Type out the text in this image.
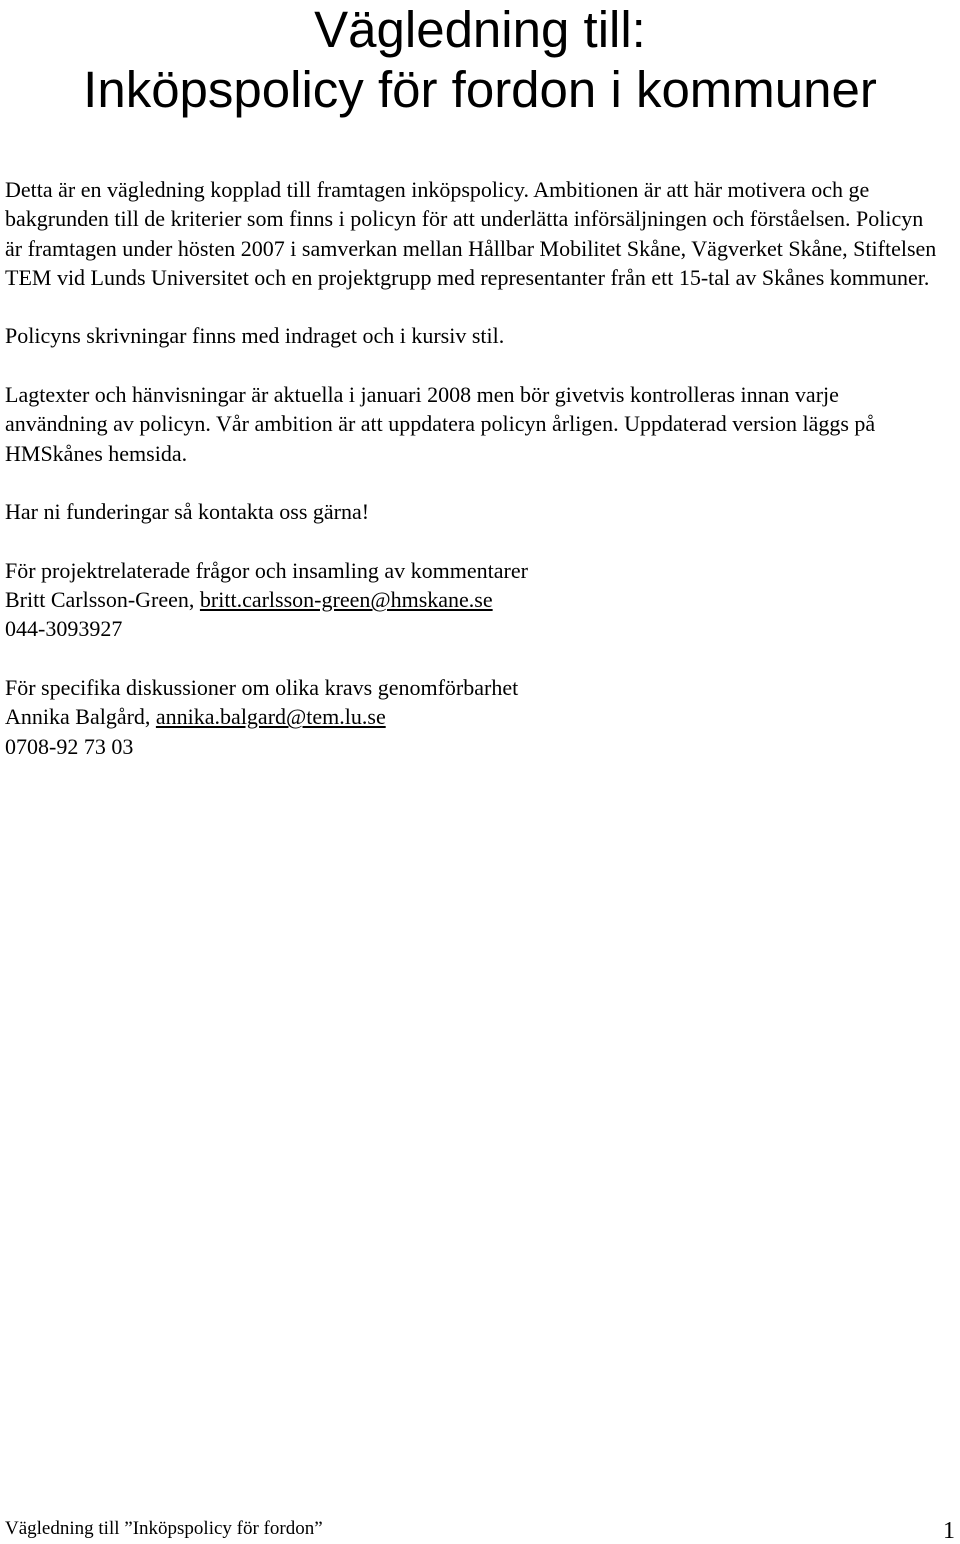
Vägledning till:
Inköpspolicy för fordon i kommuner

Detta är en vägledning kopplad till framtagen inköpspolicy. Ambitionen är att här motivera och ge bakgrunden till de kriterier som finns i policyn för att underlätta införsäljningen och förståelsen. Policyn är framtagen under hösten 2007 i samverkan mellan Hållbar Mobilitet Skåne, Vägverket Skåne, Stiftelsen TEM vid Lunds Universitet och en projektgrupp med representanter från ett 15-tal av Skånes kommuner.

Policyns skrivningar finns med indraget och i kursiv stil.

Lagtexter och hänvisningar är aktuella i januari 2008 men bör givetvis kontrolleras innan varje användning av policyn. Vår ambition är att uppdatera policyn årligen. Uppdaterad version läggs på HMSkånes hemsida.

Har ni funderingar så kontakta oss gärna!

För projektrelaterade frågor och insamling av kommentarer
Britt Carlsson-Green, britt.carlsson-green@hmskane.se
044-3093927

För specifika diskussioner om olika kravs genomförbarhet
Annika Balgård, annika.balgard@tem.lu.se
0708-92 73 03

Vägledning till ”Inköpspolicy för fordon”	1
